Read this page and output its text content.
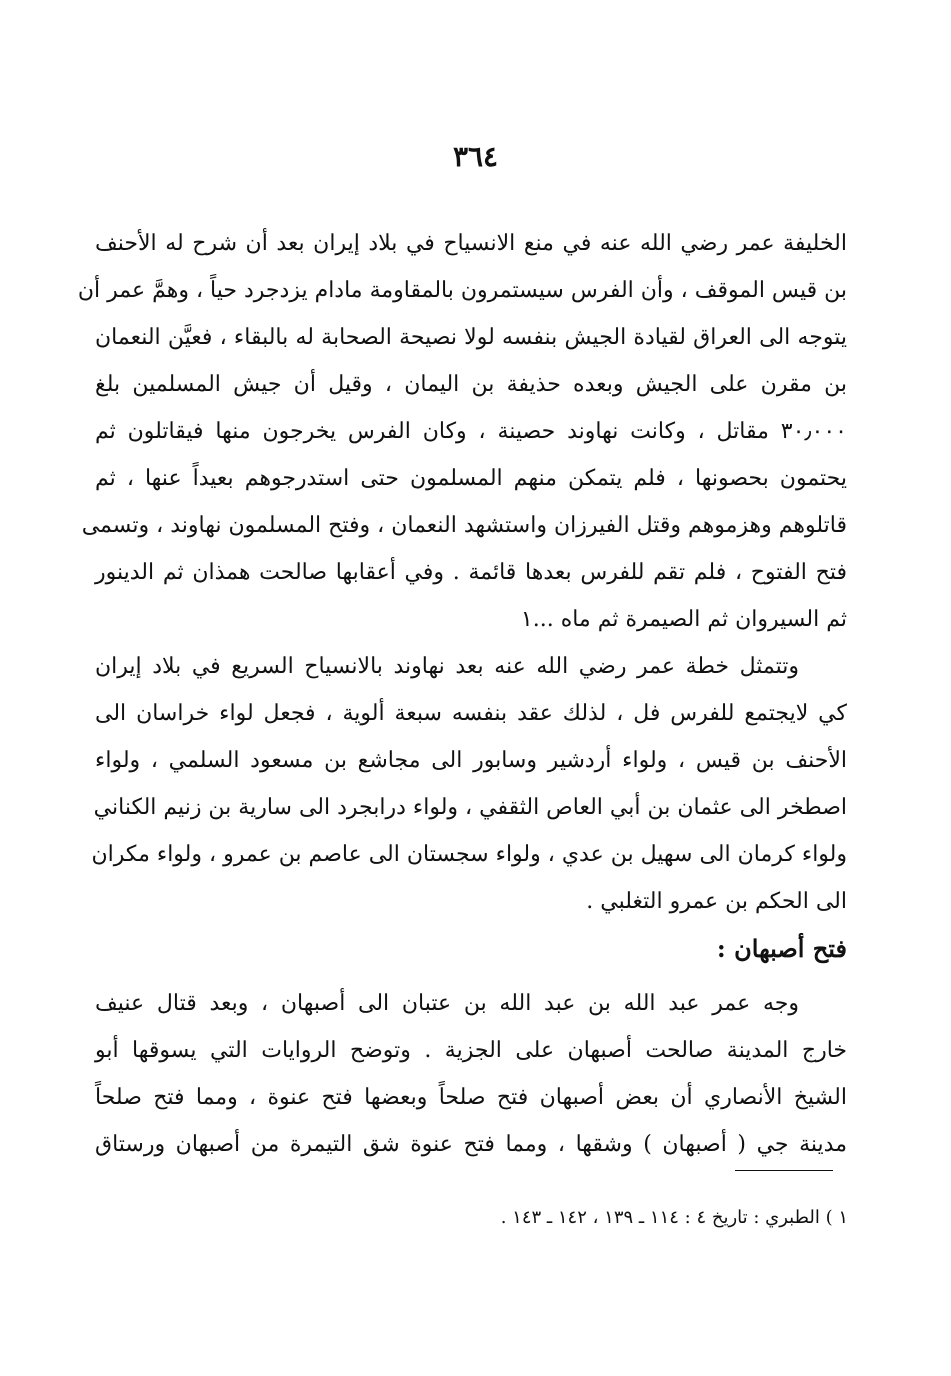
٣٦٤
الخليفة عمر رضي الله عنه في منع الانسياح في بلاد إيران بعد أن شرح له الأحنف
بن قيس الموقف ، وأن الفرس سيستمرون بالمقاومة مادام يزدجرد حياً ، وهمَّ عمر أن
يتوجه الى العراق لقيادة الجيش بنفسه لولا نصيحة الصحابة له بالبقاء ، فعيَّن النعمان
بن مقرن على الجيش وبعده حذيفة بن اليمان ، وقيل أن جيش المسلمين بلغ
٣٠٫٠٠٠ مقاتل ، وكانت نهاوند حصينة ، وكان الفرس يخرجون منها فيقاتلون ثم
يحتمون بحصونها ، فلم يتمكن منهم المسلمون حتى استدرجوهم بعيداً عنها ، ثم
قاتلوهم وهزموهم وقتل الفيرزان واستشهد النعمان ، وفتح المسلمون نهاوند ، وتسمى
فتح الفتوح ، فلم تقم للفرس بعدها قائمة . وفي أعقابها صالحت همذان ثم الدينور
ثم السيروان ثم الصيمرة ثم ماه ...١
وتتمثل خطة عمر رضي الله عنه بعد نهاوند بالانسياح السريع في بلاد إيران
كي لايجتمع للفرس فل ، لذلك عقد بنفسه سبعة ألوية ، فجعل لواء خراسان الى
الأحنف بن قيس ، ولواء أردشير وسابور الى مجاشع بن مسعود السلمي ، ولواء
اصطخر الى عثمان بن أبي العاص الثقفي ، ولواء درابجرد الى سارية بن زنيم الكناني
ولواء كرمان الى سهيل بن عدي ، ولواء سجستان الى عاصم بن عمرو ، ولواء مكران
الى الحكم بن عمرو التغلبي .
فتح أصبهان :
وجه عمر عبد الله بن عبد الله بن عتبان الى أصبهان ، وبعد قتال عنيف
خارج المدينة صالحت أصبهان على الجزية . وتوضح الروايات التي يسوقها أبو
الشيخ الأنصاري أن بعض أصبهان فتح صلحاً وبعضها فتح عنوة ، ومما فتح صلحاً
مدينة جي ( أصبهان ) وشقها ، ومما فتح عنوة شق التيمرة من أصبهان ورستاق
١ ) الطبري : تاريخ ٤ : ١١٤ ـ ١٣٩ ، ١٤٢ ـ ١٤٣ .
